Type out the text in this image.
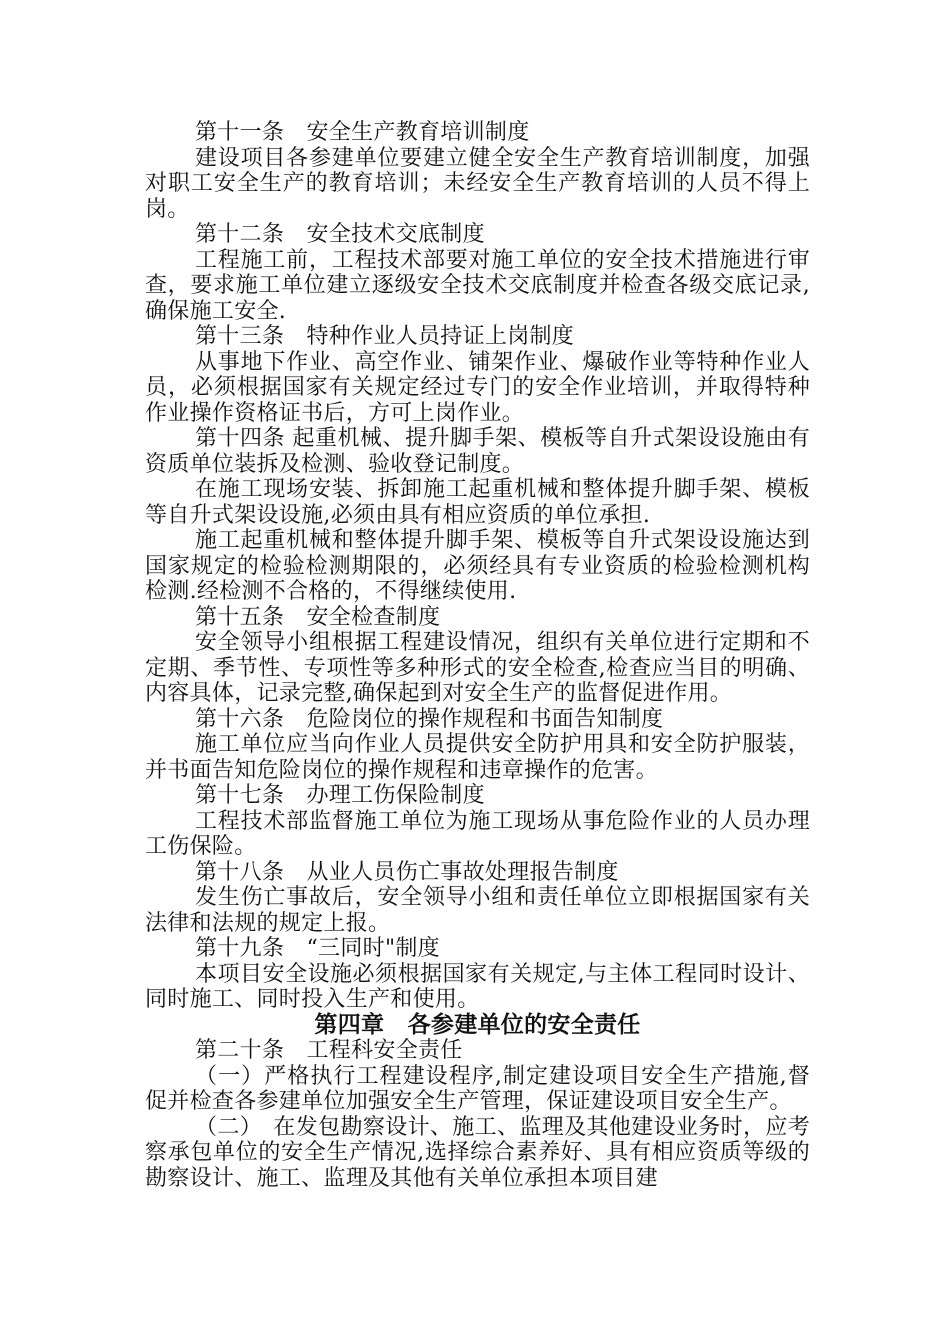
第十一条　安全生产教育培训制度

建设项目各参建单位要建立健全安全生产教育培训制度，加强对职工安全生产的教育培训；未经安全生产教育培训的人员不得上岗。

第十二条　安全技术交底制度

工程施工前，工程技术部要对施工单位的安全技术措施进行审查，要求施工单位建立逐级安全技术交底制度并检查各级交底记录,确保施工安全.

第十三条　特种作业人员持证上岗制度

从事地下作业、高空作业、铺架作业、爆破作业等特种作业人员，必须根据国家有关规定经过专门的安全作业培训，并取得特种作业操作资格证书后，方可上岗作业。

第十四条 起重机械、提升脚手架、模板等自升式架设设施由有资质单位装拆及检测、验收登记制度。

在施工现场安装、拆卸施工起重机械和整体提升脚手架、模板等自升式架设设施,必须由具有相应资质的单位承担.

施工起重机械和整体提升脚手架、模板等自升式架设设施达到国家规定的检验检测期限的，必须经具有专业资质的检验检测机构检测.经检测不合格的，不得继续使用.

第十五条　安全检查制度

安全领导小组根据工程建设情况，组织有关单位进行定期和不定期、季节性、专项性等多种形式的安全检查,检查应当目的明确、内容具体，记录完整,确保起到对安全生产的监督促进作用。

第十六条　危险岗位的操作规程和书面告知制度

施工单位应当向作业人员提供安全防护用具和安全防护服装，并书面告知危险岗位的操作规程和违章操作的危害。

第十七条　办理工伤保险制度

工程技术部监督施工单位为施工现场从事危险作业的人员办理工伤保险。

第十八条　从业人员伤亡事故处理报告制度

发生伤亡事故后，安全领导小组和责任单位立即根据国家有关法律和法规的规定上报。

第十九条　“三同时"制度

本项目安全设施必须根据国家有关规定,与主体工程同时设计、同时施工、同时投入生产和使用。

第四章　各参建单位的安全责任

第二十条　工程科安全责任

（一）严格执行工程建设程序,制定建设项目安全生产措施,督促并检查各参建单位加强安全生产管理，保证建设项目安全生产。

（二）　在发包勘察设计、施工、监理及其他建设业务时，应考察承包单位的安全生产情况,选择综合素养好、具有相应资质等级的勘察设计、施工、监理及其他有关单位承担本项目建
